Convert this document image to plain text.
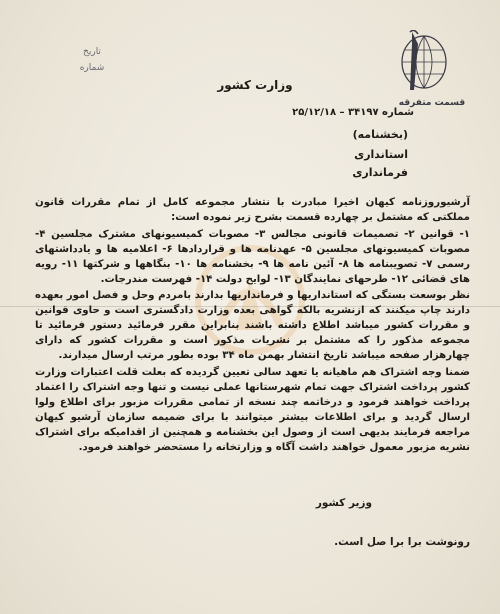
تاریخ
شماره
قسمت متفرقه
وزارت کشور
شماره ۳۴۱۹۷ – ۲۵/۱۲/۱۸
(بخشنامه)
استانداری
فرمانداری

آرشیوروزنامه کیهان اخیرا مبادرت با نتشار مجموعه کامل از تمام مقررات قانون مملکتی که مشتمل بر چهارده قسمت بشرح زیر نموده است:

۱- قوانین ۲- تصمیمات قانونی مجالس ۳- مصوبات کمیسیونهای مشترک مجلسین ۴- مصوبات کمیسیونهای مجلسین ۵- عهدنامه ها و قراردادها ۶- اعلامیه ها و یادداشتهای رسمی ۷- تصویبنامه ها ۸- آئین نامه ها ۹- بخشنامه ها ۱۰- بنگاهها و شرکتها ۱۱- رویه های قضائی ۱۲- طرحهای نمایندگان ۱۳- لوایح دولت ۱۴- فهرست مندرجات.

نظر بوسعت بستگی که استانداریها و فرمانداریها بدارند بامردم وحل و فصل امور بعهده دارند چاپ میکنند که ازنشریه بالکه گواهی بعده وزارت دادگستری است و حاوی قوانین و مقررات کشور میباشد اطلاع داشته باشند بنابراین مقرر فرمائید دستور فرمائید تا مجموعه مذکور را که مشتمل بر نشریات مذکور است و مقررات کشور که دارای چهارهزار صفحه میباشد تاریخ انتشار بهمن ماه ۳۴ بوده بطور مرتب ارسال میدارند.

ضمنا وجه اشتراک هم ماهیانه یا تعهد سالی تعیین گردیده که بعلت قلت اعتبارات وزارت کشور پرداخت اشتراک جهت تمام شهرستانها عملی نیست و تنها وجه اشتراک را اعتماد پرداخت خواهند فرمود و درخاتمه چند نسخه از تمامی مقررات مزبور برای اطلاع ولوا ارسال گردید و برای اطلاعات بیشتر میتوانند با برای ضمیمه سازمان آرشیو کیهان مراجعه فرمایند بدیهی است از وصول این بخشنامه و همچنین از اقدامیکه برای اشتراک نشریه مزبور معمول خواهند داشت آگاه و وزارتخانه را مستحضر خواهند فرمود.

وزیر کشور
رونوشت برا برا صل است.
